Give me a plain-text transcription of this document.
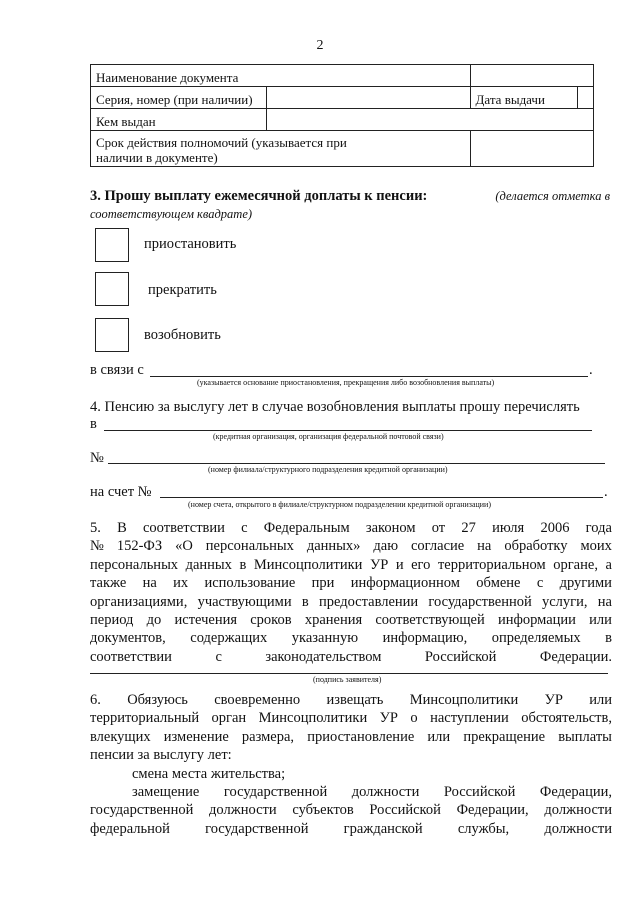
2
Наименование документа			
Серия, номер (при наличии)		Дата выдачи	
Кем выдан			

Срок действия полномочий (указывается при
наличии в документе)			

3. Прошу выплату ежемесячной доплаты к пенсии:	(делается отметка в
соответствующем квадрате)
приостановить
прекратить
возобновить
в связи с	.
(указывается основание приостановления, прекращения либо возобновления выплаты)
4. Пенсию за выслугу лет в случае возобновления выплаты прошу перечислять
в
(кредитная организация, организация федеральной почтовой связи)
№
(номер филиала/структурного подразделения кредитной организации)
на счет №	.
(номер счета, открытого в филиале/структурном подразделении кредитной организации)
5. В соответствии с Федеральным законом от 27 июля 2006 года
№ 152-ФЗ «О персональных данных» даю согласие на обработку моих
персональных данных в Минсоцполитики УР и его территориальном органе, а
также на их использование при информационном обмене с другими
организациями, участвующими в предоставлении государственной услуги, на
период до истечения сроков хранения соответствующей информации или
документов, содержащих указанную информацию, определяемых в
соответствии	с	законодательством	Российской	Федерации.
(подпись заявителя)
6. Обязуюсь своевременно извещать Минсоцполитики УР или
территориальный орган Минсоцполитики УР о наступлении обстоятельств,
влекущих изменение размера, приостановление или прекращение выплаты
пенсии за выслугу лет:
смена места жительства;
замещение государственной должности Российской Федерации,
государственной должности субъектов Российской Федерации, должности
федеральной государственной гражданской службы, должности
